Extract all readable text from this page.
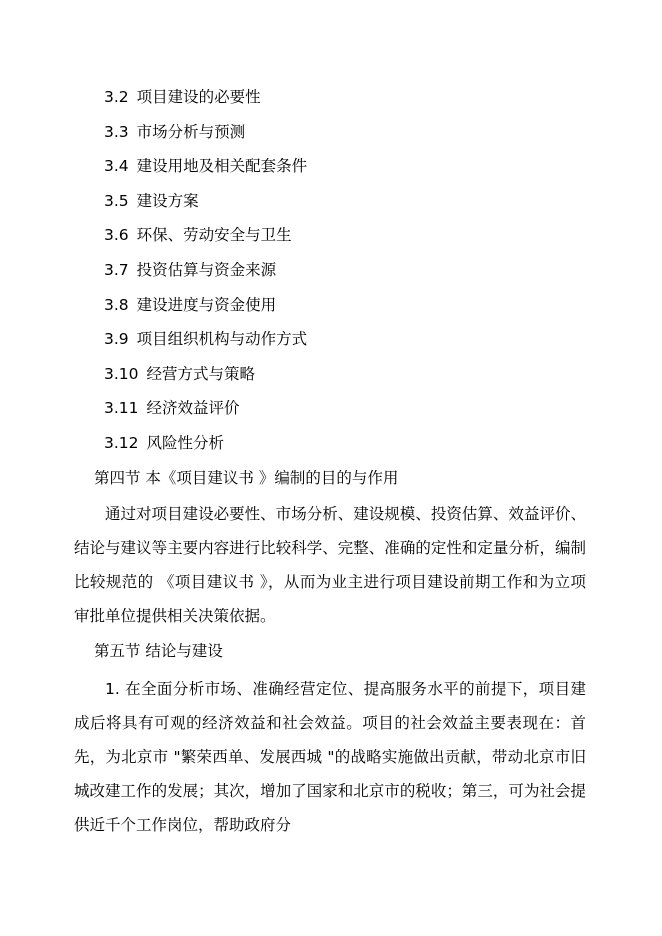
3.2 项目建设的必要性
3.3 市场分析与预测
3.4 建设用地及相关配套条件
3.5 建设方案
3.6 环保、劳动安全与卫生
3.7 投资估算与资金来源
3.8 建设进度与资金使用
3.9 项目组织机构与动作方式
3.10 经营方式与策略
3.11 经济效益评价
3.12 风险性分析
第四节 本《项目建议书 》编制的目的与作用
通过对项目建设必要性、市场分析、建设规模、投资估算、效益评价、结论与建议等主要内容进行比较科学、完整、准确的定性和定量分析，编制比较规范的 《项目建议书 》，从而为业主进行项目建设前期工作和为立项审批单位提供相关决策依据。
第五节 结论与建设
1. 在全面分析市场、准确经营定位、提高服务水平的前提下，项目建成后将具有可观的经济效益和社会效益。项目的社会效益主要表现在：首先，为北京市 "繁荣西单、发展西城 "的战略实施做出贡献，带动北京市旧城改建工作的发展；其次，增加了国家和北京市的税收；第三，可为社会提供近千个工作岗位，帮助政府分
